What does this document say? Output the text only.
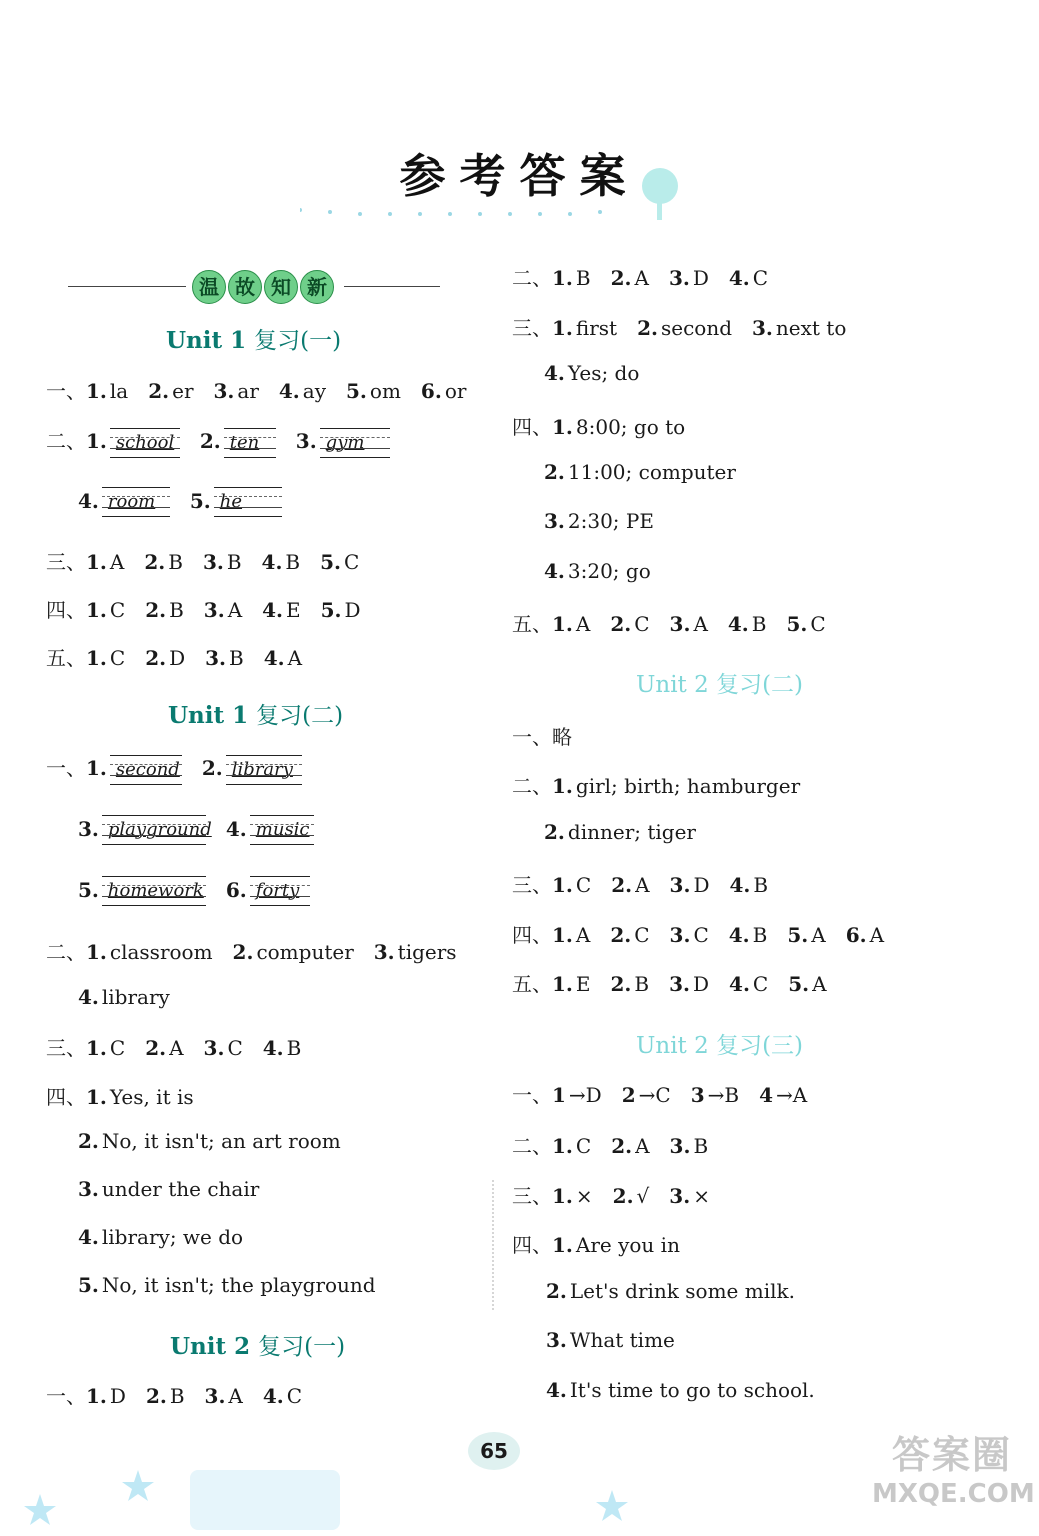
参考答案
温 故 知 新
Unit 1 复习(一)
一、1. la 2. er 3. ar 4. ay 5. om 6. or
二、1. school 2. ten 3. gym
4. room 5. he
三、1. A 2. B 3. B 4. B 5. C
四、1. C 2. B 3. A 4. E 5. D
五、1. C 2. D 3. B 4. A
Unit 1 复习(二)
一、1. second 2. library
3. playground 4. music
5. homework 6. forty
二、1. classroom 2. computer 3. tigers
4. library
三、1. C 2. A 3. C 4. B
四、1. Yes, it is
2. No, it isn't; an art room
3. under the chair
4. library; we do
5. No, it isn't; the playground
Unit 2 复习(一)
一、1. D 2. B 3. A 4. C
二、1. B 2. A 3. D 4. C
三、1. first 2. second 3. next to
4. Yes; do
四、1. 8:00; go to
2. 11:00; computer
3. 2:30; PE
4. 3:20; go
五、1. A 2. C 3. A 4. B 5. C
Unit 2 复习(二)
一、略
二、1. girl; birth; hamburger
2. dinner; tiger
三、1. C 2. A 3. D 4. B
四、1. A 2. C 3. C 4. B 5. A 6. A
五、1. E 2. B 3. D 4. C 5. A
Unit 2 复习(三)
一、1 →D 2 →C 3 →B 4 →A
二、1. C 2. A 3. B
三、1. × 2. √ 3. ×
四、1. Are you in
2. Let's drink some milk.
3. What time
4. It's time to go to school.
65	答案圈
MXQE.COM
